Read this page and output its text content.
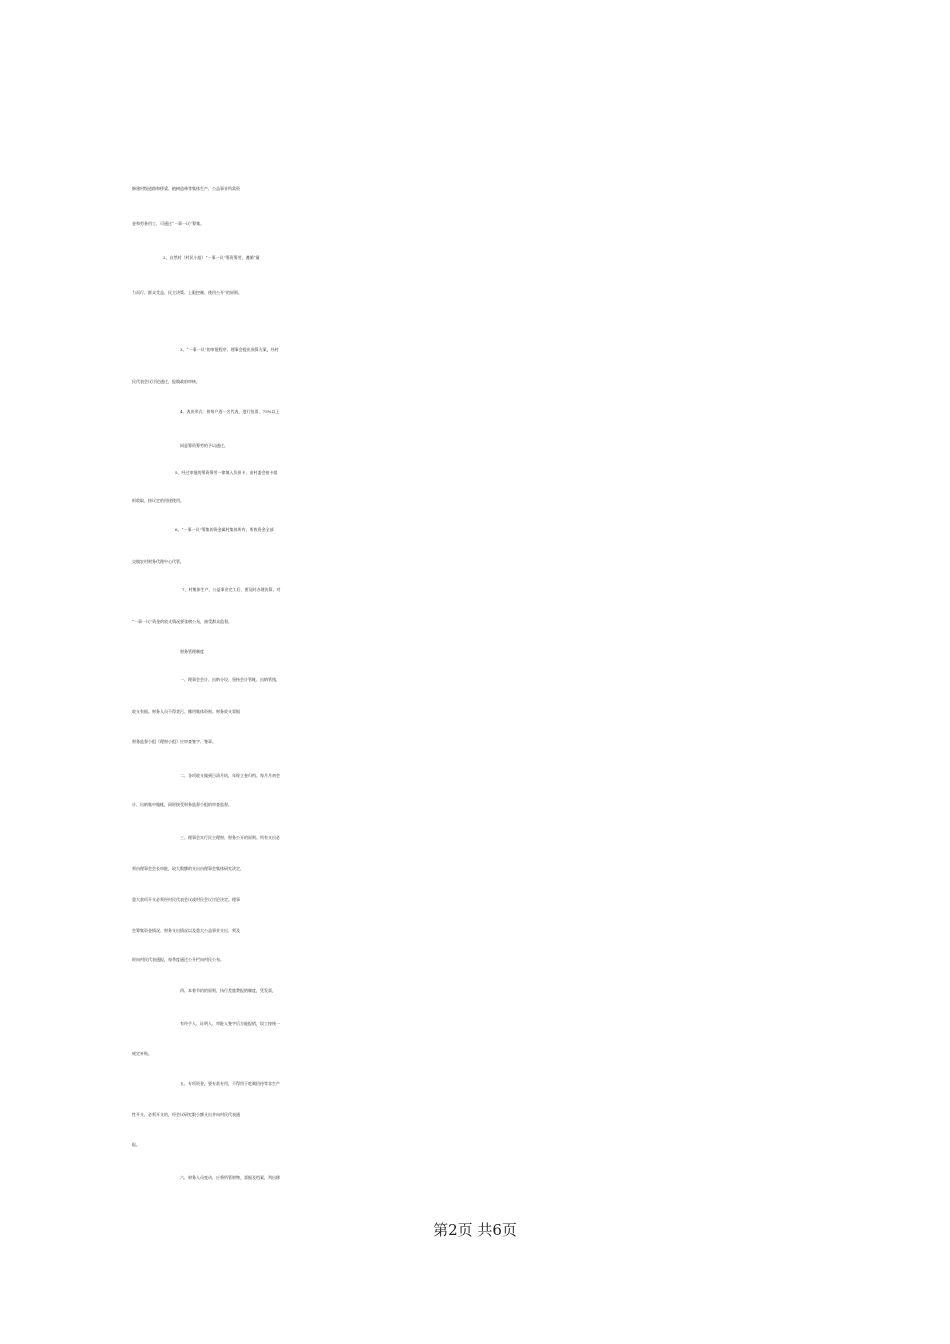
修建村级道路和桥梁、植树造林等集体生产、公益事业所需资
金和劳务用工，可通过“一事一议”筹集。
2、自然村（村民小组）“一事一议”筹资筹劳，遵循“量
力而行、群众受益、民主决策、上限控制、使用公开”的原则。
3、“一事一议”的审批程序。理事会提出预算方案，经村
民代表会议讨论通过，报镇政府审核。
4、表决形式：按每户选一名代表，进行投票，75%以上
同意筹资筹劳的予以通过。
5、经过审批的筹资筹劳一律填入负担卡，由村委会按卡组
织收取，按议定的用途使用。
6、“一事一议”筹集的资金属村集体所有，所收资金全部
交镇农村财务代理中心代管。
7、村集体生产、公益事业完工后，要及时办理决算，对
“一事一议”资金的收支情况要张榜公布，接受群众监督。
财务管理制度
一、理事会会计、出纳分设，坚持会计管帐、出纳管钱，
收支有据。财务人员不得贪污、挪用集体资财。财务收支票据
财务监督小组（理财小组）应审查签字、签章。
二、各项收支做到日清月结，年终立卷归档。每月月初会
计、出纳集中做帐，同时接受财务监督小组的审查监督。
三、理事会实行民主理财、财务公开的原则。所有支出必
须由理事会会长审批，较大数额的支出由理事会集体研究决定，
重大款项开支必须经村民代表会议或村民会议讨论决定。理事
会筹集资金情况、财务支出情况以及重大公益事业支出，须及
时向村民代表通报，每季度通过公开栏向村民公布。
四、本着节约的原则，执行差旅费报销制度，凭发票，
有经手人、证明人、审批人签字后方能报销，误工按统一
规定补贴。
五、专项资金，要专款专用，不得用于吃喝招待等非生产
性开支，必须开支的，经会议研究限小额支出并向村民代表通
报。
六、财务人员变动，应将所管财物、票据及档案，列出移
第2页 共6页
